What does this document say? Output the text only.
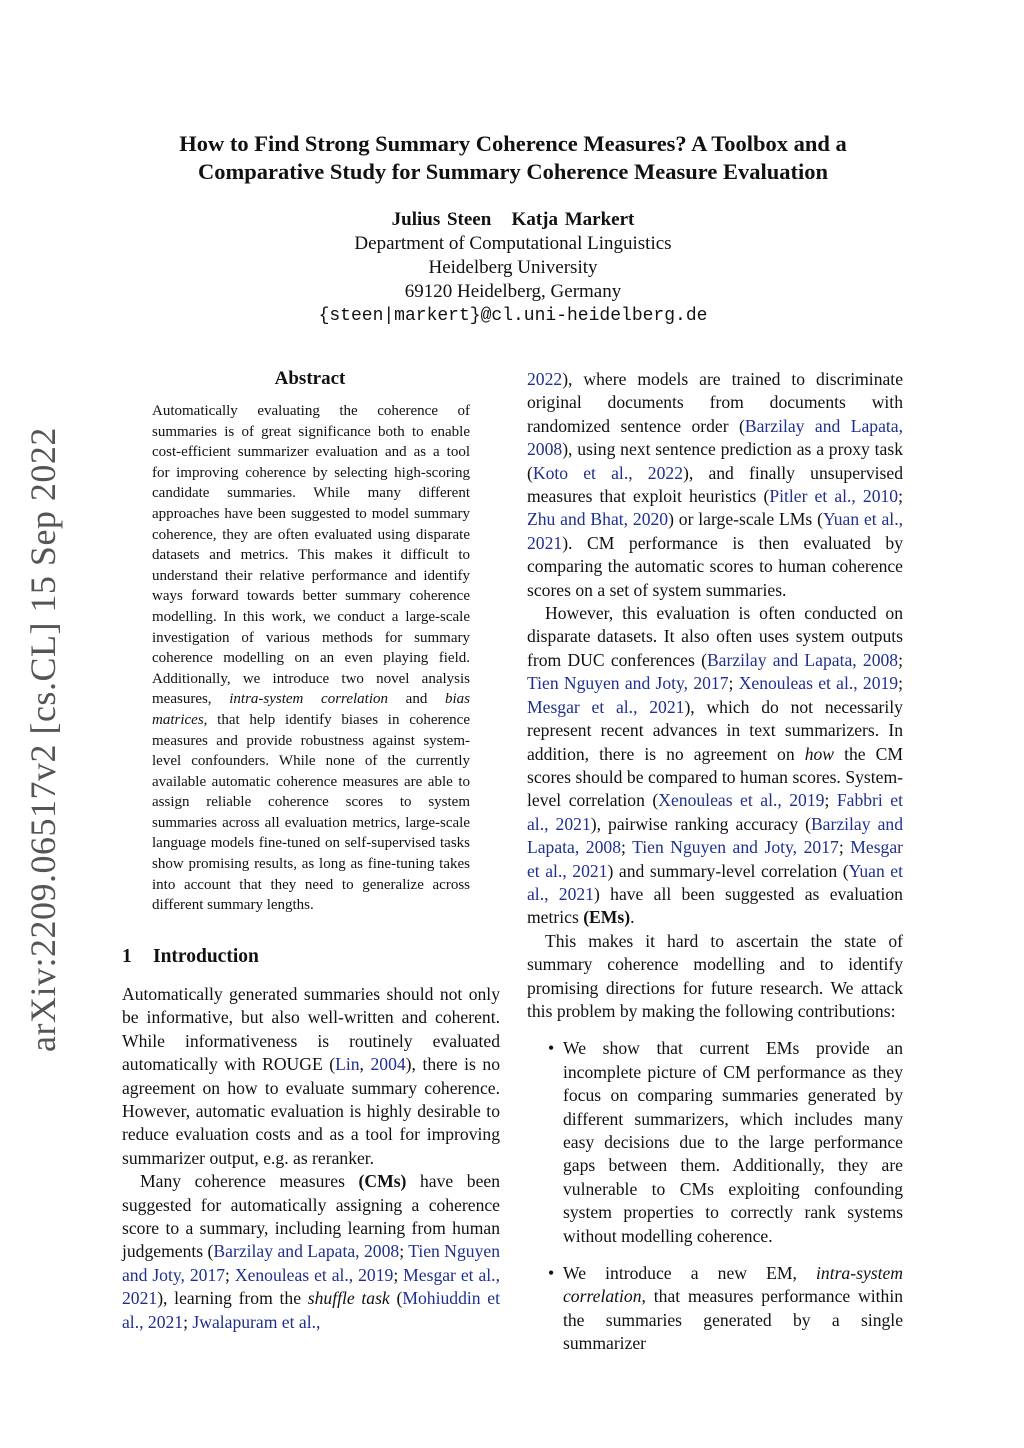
arXiv:2209.06517v2 [cs.CL] 15 Sep 2022
How to Find Strong Summary Coherence Measures? A Toolbox and a
Comparative Study for Summary Coherence Measure Evaluation
Julius Steen   Katja Markert
Department of Computational Linguistics
Heidelberg University
69120 Heidelberg, Germany
{steen|markert}@cl.uni-heidelberg.de
Abstract
Automatically evaluating the coherence of summaries is of great significance both to enable cost-efficient summarizer evaluation and as a tool for improving coherence by selecting high-scoring candidate summaries. While many different approaches have been suggested to model summary coherence, they are often evaluated using disparate datasets and metrics. This makes it difficult to understand their relative performance and identify ways forward towards better summary coherence modelling. In this work, we conduct a large-scale investigation of various methods for summary coherence modelling on an even playing field. Additionally, we introduce two novel analysis measures, intra-system correlation and bias matrices, that help identify biases in coherence measures and provide robustness against system-level confounders. While none of the currently available automatic coherence measures are able to assign reliable coherence scores to system summaries across all evaluation metrics, large-scale language models fine-tuned on self-supervised tasks show promising results, as long as fine-tuning takes into account that they need to generalize across different summary lengths.
1 Introduction

Automatically generated summaries should not only be informative, but also well-written and coherent. While informativeness is routinely evaluated automatically with ROUGE (Lin, 2004), there is no agreement on how to evaluate summary coherence. However, automatic evaluation is highly desirable to reduce evaluation costs and as a tool for improving summarizer output, e.g. as reranker.

Many coherence measures (CMs) have been suggested for automatically assigning a coherence score to a summary, including learning from human judgements (Barzilay and Lapata, 2008; Tien Nguyen and Joty, 2017; Xenouleas et al., 2019; Mesgar et al., 2021), learning from the shuffle task (Mohiuddin et al., 2021; Jwalapuram et al.,

2022), where models are trained to discriminate original documents from documents with randomized sentence order (Barzilay and Lapata, 2008), using next sentence prediction as a proxy task (Koto et al., 2022), and finally unsupervised measures that exploit heuristics (Pitler et al., 2010; Zhu and Bhat, 2020) or large-scale LMs (Yuan et al., 2021). CM performance is then evaluated by comparing the automatic scores to human coherence scores on a set of system summaries.

However, this evaluation is often conducted on disparate datasets. It also often uses system outputs from DUC conferences (Barzilay and Lapata, 2008; Tien Nguyen and Joty, 2017; Xenouleas et al., 2019; Mesgar et al., 2021), which do not necessarily represent recent advances in text summarizers. In addition, there is no agreement on how the CM scores should be compared to human scores. System-level correlation (Xenouleas et al., 2019; Fabbri et al., 2021), pairwise ranking accuracy (Barzilay and Lapata, 2008; Tien Nguyen and Joty, 2017; Mesgar et al., 2021) and summary-level correlation (Yuan et al., 2021) have all been suggested as evaluation metrics (EMs).

This makes it hard to ascertain the state of summary coherence modelling and to identify promising directions for future research. We attack this problem by making the following contributions:

• We show that current EMs provide an incomplete picture of CM performance as they focus on comparing summaries generated by different summarizers, which includes many easy decisions due to the large performance gaps between them. Additionally, they are vulnerable to CMs exploiting confounding system properties to correctly rank systems without modelling coherence.
• We introduce a new EM, intra-system correlation, that measures performance within the summaries generated by a single summarizer
